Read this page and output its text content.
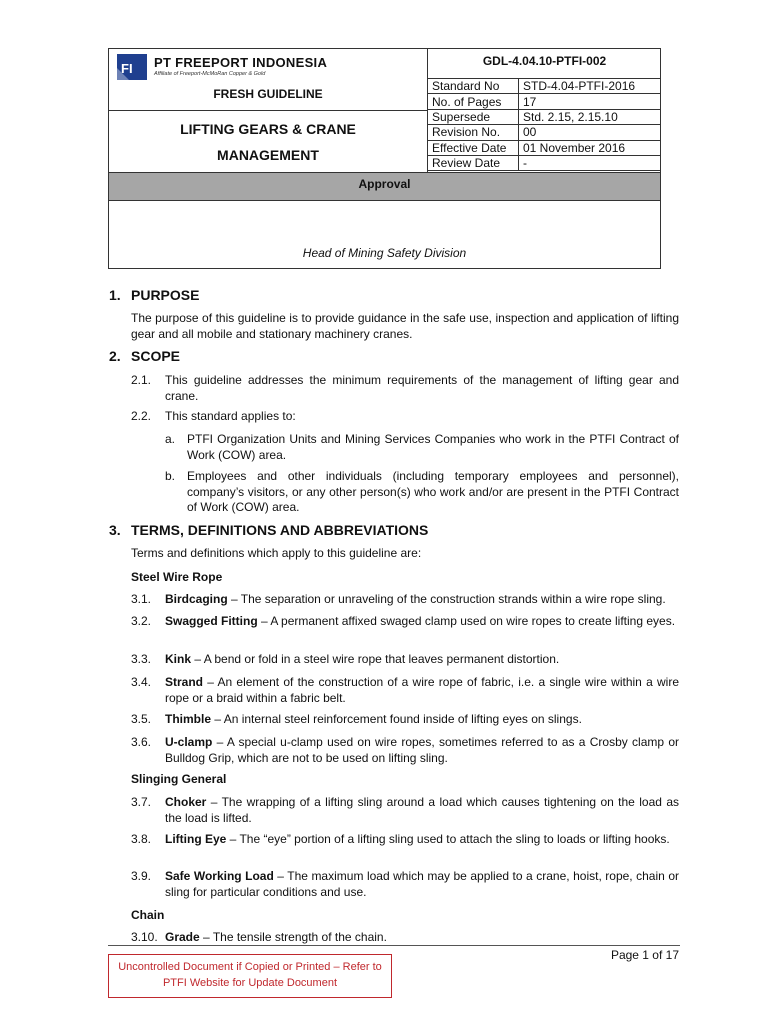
FI PT FREEPORT INDONESIA
Affiliate of Freeport-McMoRan Copper & Gold
FRESH GUIDELINE
LIFTING GEARS & CRANE
MANAGEMENT
GDL-4.04.10-PTFI-002
Standard No	STD-4.04-PTFI-2016
No. of Pages	17
Supersede	Std. 2.15, 2.15.10
Revision No.	00
Effective Date	01 November 2016
Review Date	-
Approval
Head of Mining Safety Division
1. PURPOSE
The purpose of this guideline is to provide guidance in the safe use, inspection and application of lifting gear and all mobile and stationary machinery cranes.
2. SCOPE
2.1. This guideline addresses the minimum requirements of the management of lifting gear and crane.
2.2. This standard applies to:
a. PTFI Organization Units and Mining Services Companies who work in the PTFI Contract of Work (COW) area.
b. Employees and other individuals (including temporary employees and personnel), company’s visitors, or any other person(s) who work and/or are present in the PTFI Contract of Work (COW) area.
3. TERMS, DEFINITIONS AND ABBREVIATIONS
Terms and definitions which apply to this guideline are:
Steel Wire Rope
3.1. Birdcaging – The separation or unraveling of the construction strands within a wire rope sling.
3.2. Swagged Fitting – A permanent affixed swaged clamp used on wire ropes to create lifting eyes.
3.3. Kink – A bend or fold in a steel wire rope that leaves permanent distortion.
3.4. Strand – An element of the construction of a wire rope of fabric, i.e. a single wire within a wire rope or a braid within a fabric belt.
3.5. Thimble – An internal steel reinforcement found inside of lifting eyes on slings.
3.6. U-clamp – A special u-clamp used on wire ropes, sometimes referred to as a Crosby clamp or Bulldog Grip, which are not to be used on lifting sling.
Slinging General
3.7. Choker – The wrapping of a lifting sling around a load which causes tightening on the load as the load is lifted.
3.8. Lifting Eye – The “eye” portion of a lifting sling used to attach the sling to loads or lifting hooks.
3.9. Safe Working Load – The maximum load which may be applied to a crane, hoist, rope, chain or sling for particular conditions and use.
Chain
3.10. Grade – The tensile strength of the chain.
Page 1 of 17
Uncontrolled Document if Copied or Printed – Refer to
PTFI Website for Update Document
